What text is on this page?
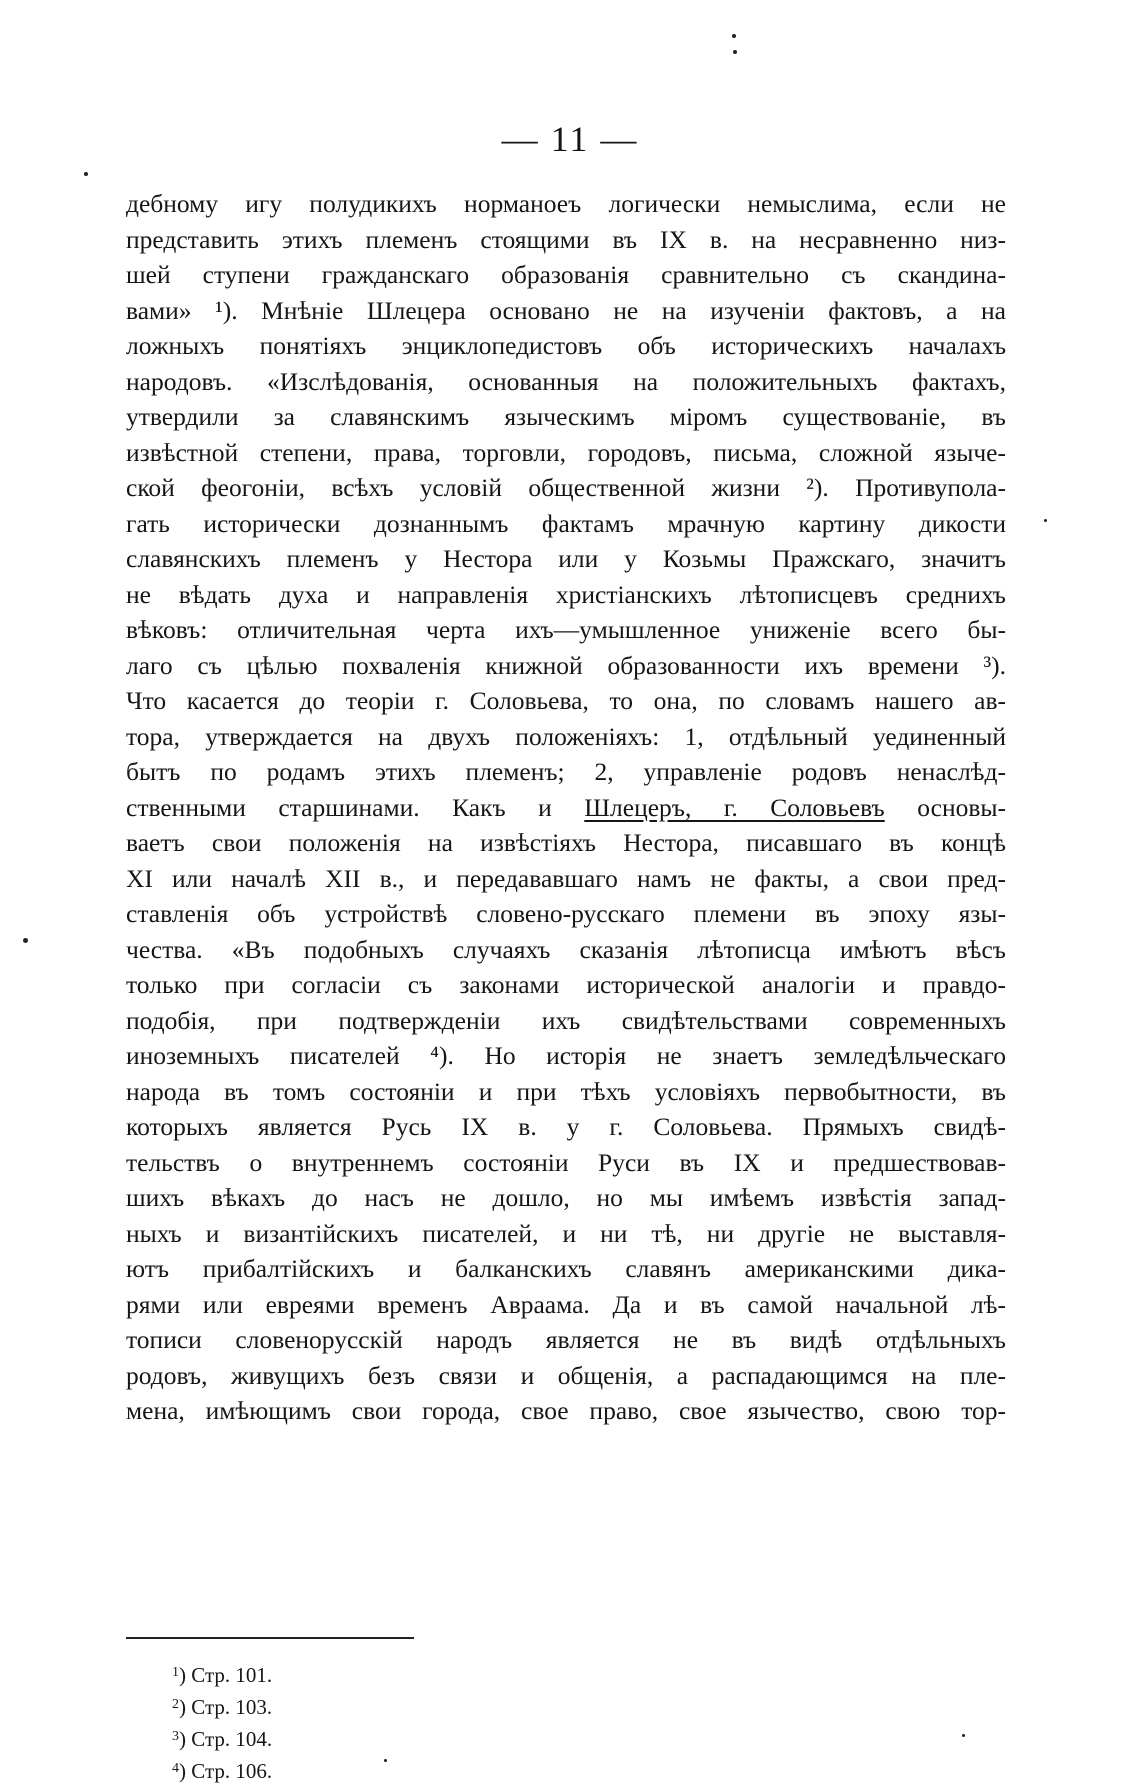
— 11 —
дебному игу полудикихъ норманоеъ логически немыслима, если не
представить этихъ племенъ стоящими въ IX в. на несравненно низ-
шей ступени гражданскаго образованія сравнительно съ скандина-
вами» ¹). Мнѣніе Шлецера основано не на изученіи фактовъ, а на
ложныхъ понятіяхъ энциклопедистовъ объ историческихъ началахъ
народовъ. «Изслѣдованія, основанныя на положительныхъ фактахъ,
утвердили за славянскимъ языческимъ міромъ существованіе, въ
извѣстной степени, права, торговли, городовъ, письма, сложной языче-
ской феогоніи, всѣхъ условій общественной жизни ²). Противупола-
гать исторически дознаннымъ фактамъ мрачную картину дикости
славянскихъ племенъ у Нестора или у Козьмы Пражскаго, значитъ
не вѣдать духа и направленія христіанскихъ лѣтописцевъ среднихъ
вѣковъ: отличительная черта ихъ—умышленное униженіе всего бы-
лаго съ цѣлью похваленія книжной образованности ихъ времени ³).
Что касается до теоріи г. Соловьева, то она, по словамъ нашего ав-
тора, утверждается на двухъ положеніяхъ: 1, отдѣльный уединенный
бытъ по родамъ этихъ племенъ; 2, управленіе родовъ ненаслѣд-
ственными старшинами. Какъ и Шлецеръ, г. Соловьевъ основы-
ваетъ свои положенія на извѣстіяхъ Нестора, писавшаго въ концѣ
XI или началѣ XII в., и передававшаго намъ не факты, а свои пред-
ставленія объ устройствѣ словено-русскаго племени въ эпоху язы-
чества. «Въ подобныхъ случаяхъ сказанія лѣтописца имѣютъ вѣсъ
только при согласіи съ законами исторической аналогіи и правдо-
подобія, при подтвержденіи ихъ свидѣтельствами современныхъ
иноземныхъ писателей ⁴). Но исторія не знаетъ земледѣльческаго
народа въ томъ состояніи и при тѣхъ условіяхъ первобытности, въ
которыхъ является Русь IX в. у г. Соловьева. Прямыхъ свидѣ-
тельствъ о внутреннемъ состояніи Руси въ IX и предшествовав-
шихъ вѣкахъ до насъ не дошло, но мы имѣемъ извѣстія запад-
ныхъ и византійскихъ писателей, и ни тѣ, ни другіе не выставля-
ютъ прибалтійскихъ и балканскихъ славянъ американскими дика-
рями или евреями временъ Авраама. Да и въ самой начальной лѣ-
тописи словенорусскій народъ является не въ видѣ отдѣльныхъ
родовъ, живущихъ безъ связи и общенія, а распадающимся на пле-
мена, имѣющимъ свои города, свое право, свое язычество, свою тор-
$^1$) Стр. 101.
$^2$) Стр. 103.
$^3$) Стр. 104.
$^4$) Стр. 106.
